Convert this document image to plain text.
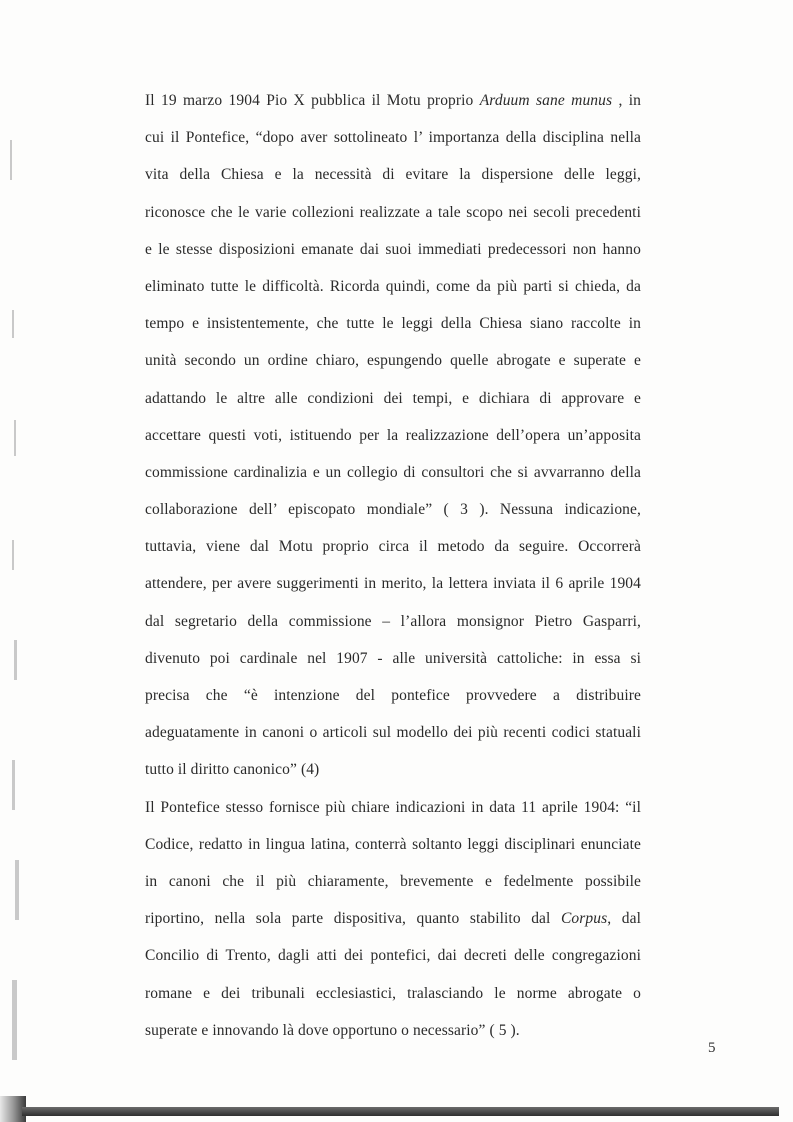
Il 19 marzo 1904 Pio X pubblica il Motu proprio Arduum sane munus , in
cui il Pontefice, “dopo aver sottolineato l’ importanza della disciplina nella
vita della Chiesa e la necessità di evitare la dispersione delle leggi,
riconosce che le varie collezioni realizzate a tale scopo nei secoli precedenti
e le stesse disposizioni emanate dai suoi immediati predecessori non hanno
eliminato tutte le difficoltà. Ricorda quindi, come da più parti si chieda, da
tempo e insistentemente, che tutte le leggi della Chiesa siano raccolte in
unità secondo un ordine chiaro, espungendo quelle abrogate e superate e
adattando le altre alle condizioni dei tempi, e dichiara di approvare e
accettare questi voti, istituendo per la realizzazione dell’opera un’apposita
commissione cardinalizia e un collegio di consultori che si avvarranno della
collaborazione dell’ episcopato mondiale” ( 3 ). Nessuna indicazione,
tuttavia, viene dal Motu proprio circa il metodo da seguire. Occorrerà
attendere, per avere suggerimenti in merito, la lettera inviata il 6 aprile 1904
dal segretario della commissione – l’allora monsignor Pietro Gasparri,
divenuto poi cardinale nel 1907 - alle università cattoliche: in essa si
precisa che “è intenzione del pontefice provvedere a distribuire
adeguatamente in canoni o articoli sul modello dei più recenti codici statuali
tutto il diritto canonico” (4)
Il Pontefice stesso fornisce più chiare indicazioni in data 11 aprile 1904: “il
Codice, redatto in lingua latina, conterrà soltanto leggi disciplinari enunciate
in canoni che il più chiaramente, brevemente e fedelmente possibile
riportino, nella sola parte dispositiva, quanto stabilito dal Corpus, dal
Concilio di Trento, dagli atti dei pontefici, dai decreti delle congregazioni
romane e dei tribunali ecclesiastici, tralasciando le norme abrogate o
superate e innovando là dove opportuno o necessario” ( 5 ).
5
